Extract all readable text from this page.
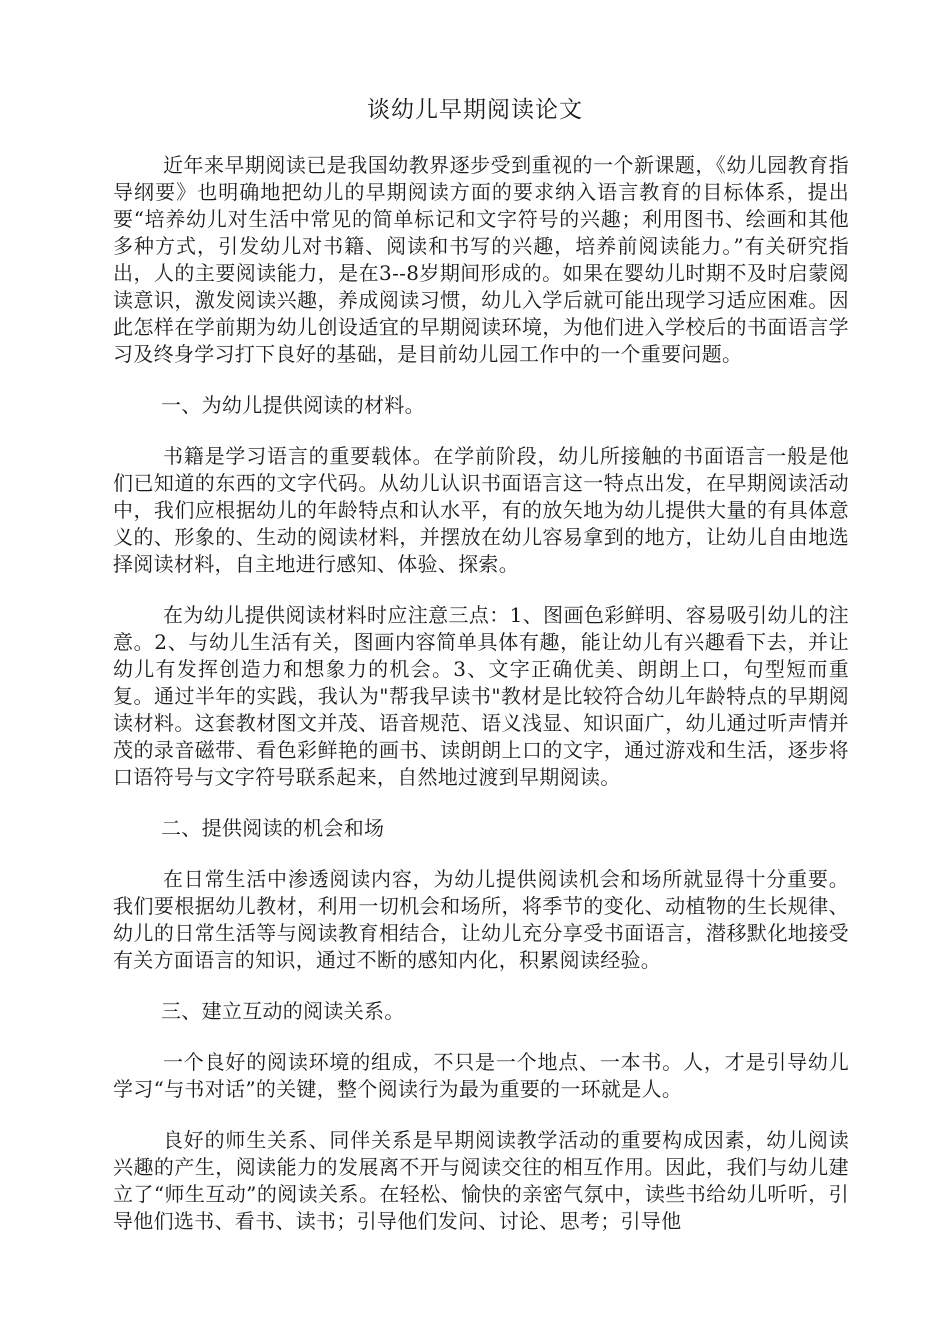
谈幼儿早期阅读论文

近年来早期阅读已是我国幼教界逐步受到重视的一个新课题，《幼儿园教育指导纲要》也明确地把幼儿的早期阅读方面的要求纳入语言教育的目标体系，提出要“培养幼儿对生活中常见的简单标记和文字符号的兴趣；利用图书、绘画和其他多种方式，引发幼儿对书籍、阅读和书写的兴趣，培养前阅读能力。”有关研究指出，人的主要阅读能力，是在3--8岁期间形成的。如果在婴幼儿时期不及时启蒙阅读意识，激发阅读兴趣，养成阅读习惯，幼儿入学后就可能出现学习适应困难。因此怎样在学前期为幼儿创设适宜的早期阅读环境，为他们进入学校后的书面语言学习及终身学习打下良好的基础，是目前幼儿园工作中的一个重要问题。

一、为幼儿提供阅读的材料。

书籍是学习语言的重要载体。在学前阶段，幼儿所接触的书面语言一般是他们已知道的东西的文字代码。从幼儿认识书面语言这一特点出发，在早期阅读活动中，我们应根据幼儿的年龄特点和认水平，有的放矢地为幼儿提供大量的有具体意义的、形象的、生动的阅读材料，并摆放在幼儿容易拿到的地方，让幼儿自由地选择阅读材料，自主地进行感知、体验、探索。

在为幼儿提供阅读材料时应注意三点：1、图画色彩鲜明、容易吸引幼儿的注意。2、与幼儿生活有关，图画内容简单具体有趣，能让幼儿有兴趣看下去，并让幼儿有发挥创造力和想象力的机会。3、文字正确优美、朗朗上口，句型短而重复。通过半年的实践，我认为"帮我早读书"教材是比较符合幼儿年龄特点的早期阅读材料。这套教材图文并茂、语音规范、语义浅显、知识面广，幼儿通过听声情并茂的录音磁带、看色彩鲜艳的画书、读朗朗上口的文字，通过游戏和生活，逐步将口语符号与文字符号联系起来，自然地过渡到早期阅读。

二、提供阅读的机会和场

在日常生活中渗透阅读内容，为幼儿提供阅读机会和场所就显得十分重要。我们要根据幼儿教材，利用一切机会和场所，将季节的变化、动植物的生长规律、幼儿的日常生活等与阅读教育相结合，让幼儿充分享受书面语言，潜移默化地接受有关方面语言的知识，通过不断的感知内化，积累阅读经验。

三、建立互动的阅读关系。

一个良好的阅读环境的组成，不只是一个地点、一本书。人，才是引导幼儿学习“与书对话”的关键，整个阅读行为最为重要的一环就是人。

良好的师生关系、同伴关系是早期阅读教学活动的重要构成因素，幼儿阅读兴趣的产生，阅读能力的发展离不开与阅读交往的相互作用。因此，我们与幼儿建立了“师生互动”的阅读关系。在轻松、愉快的亲密气氛中，读些书给幼儿听听，引导他们选书、看书、读书；引导他们发问、讨论、思考；引导他
